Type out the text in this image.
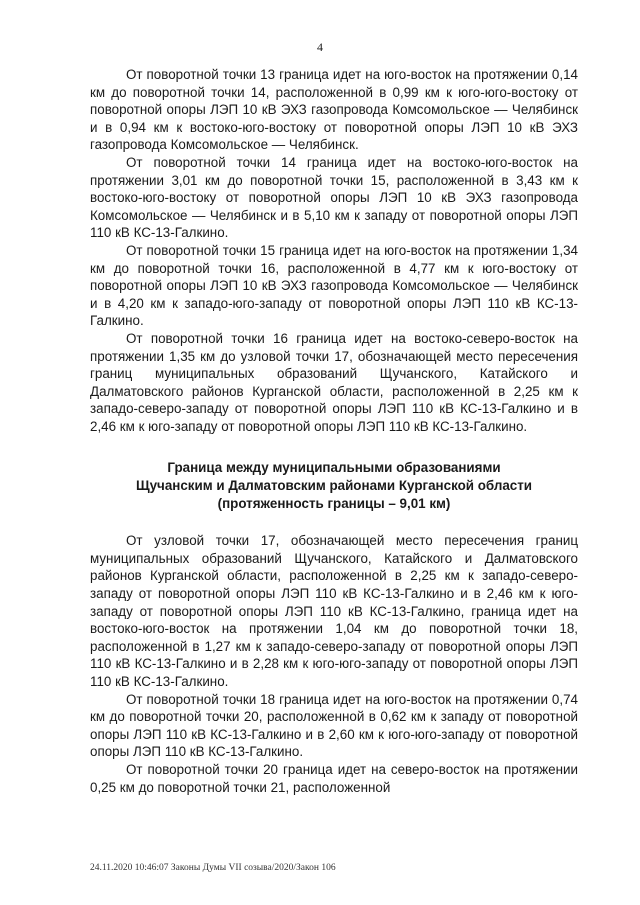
4

От поворотной точки 13 граница идет на юго-восток на протяжении 0,14 км до поворотной точки 14, расположенной в 0,99 км к юго-юго-востоку от поворотной опоры ЛЭП 10 кВ ЭХЗ газопровода Комсомольское — Челябинск и в 0,94 км к востоко-юго-востоку от поворотной опоры ЛЭП 10 кВ ЭХЗ газопровода Комсомольское — Челябинск.

От поворотной точки 14 граница идет на востоко-юго-восток на протяжении 3,01 км до поворотной точки 15, расположенной в 3,43 км к востоко-юго-востоку от поворотной опоры ЛЭП 10 кВ ЭХЗ газопровода Комсомольское — Челябинск и в 5,10 км к западу от поворотной опоры ЛЭП 110 кВ КС-13-Галкино.

От поворотной точки 15 граница идет на юго-восток на протяжении 1,34 км до поворотной точки 16, расположенной в 4,77 км к юго-востоку от поворотной опоры ЛЭП 10 кВ ЭХЗ газопровода Комсомольское — Челябинск и в 4,20 км к западо-юго-западу от поворотной опоры ЛЭП 110 кВ КС-13-Галкино.

От поворотной точки 16 граница идет на востоко-северо-восток на протяжении 1,35 км до узловой точки 17, обозначающей место пересечения границ муниципальных образований Щучанского, Катайского и Далматовского районов Курганской области, расположенной в 2,25 км к западо-северо-западу от поворотной опоры ЛЭП 110 кВ КС-13-Галкино и в 2,46 км к юго-западу от поворотной опоры ЛЭП 110 кВ КС-13-Галкино.

Граница между муниципальными образованиями
Щучанским и Далматовским районами Курганской области
(протяженность границы – 9,01 км)

От узловой точки 17, обозначающей место пересечения границ муниципальных образований Щучанского, Катайского и Далматовского районов Курганской области, расположенной в 2,25 км к западо-северо-западу от поворотной опоры ЛЭП 110 кВ КС-13-Галкино и в 2,46 км к юго-западу от поворотной опоры ЛЭП 110 кВ КС-13-Галкино, граница идет на востоко-юго-восток на протяжении 1,04 км до поворотной точки 18, расположенной в 1,27 км к западо-северо-западу от поворотной опоры ЛЭП 110 кВ КС-13-Галкино и в 2,28 км к юго-юго-западу от поворотной опоры ЛЭП 110 кВ КС-13-Галкино.

От поворотной точки 18 граница идет на юго-восток на протяжении 0,74 км до поворотной точки 20, расположенной в 0,62 км к западу от поворотной опоры ЛЭП 110 кВ КС-13-Галкино и в 2,60 км к юго-юго-западу от поворотной опоры ЛЭП 110 кВ КС-13-Галкино.

От поворотной точки 20 граница идет на северо-восток на протяжении 0,25 км до поворотной точки 21, расположенной

24.11.2020 10:46:07 Законы Думы VII созыва/2020/Закон 106
